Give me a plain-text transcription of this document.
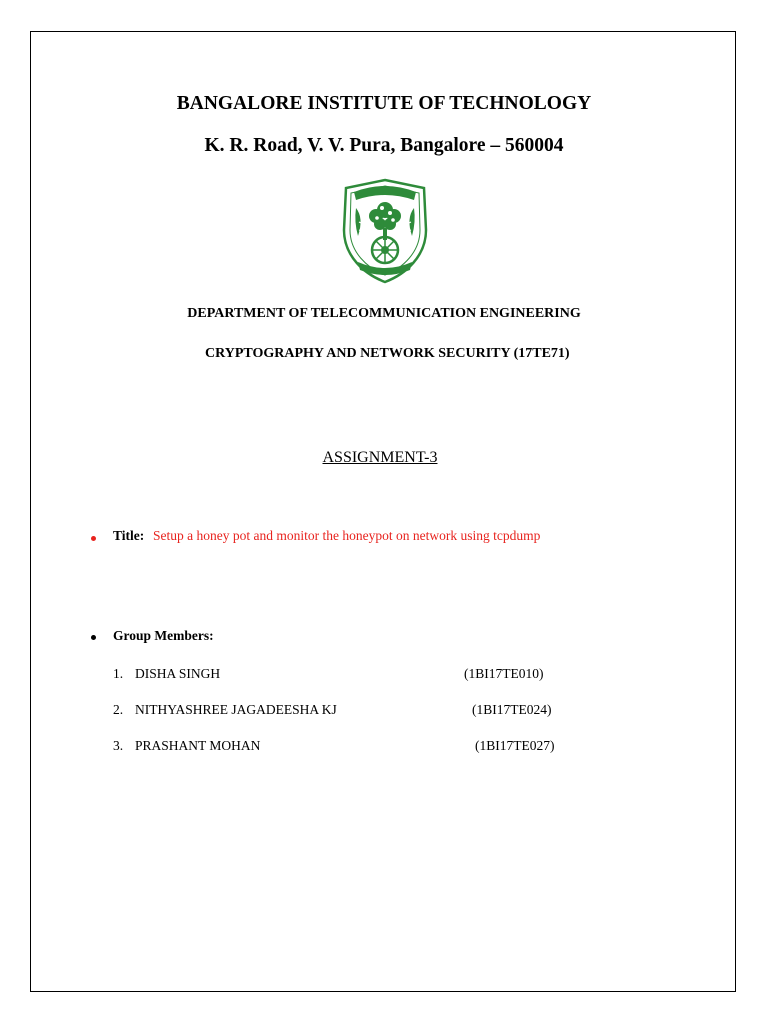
BANGALORE INSTITUTE OF TECHNOLOGY
K. R. Road, V. V. Pura, Bangalore – 560004
DEPARTMENT OF TELECOMMUNICATION ENGINEERING
CRYPTOGRAPHY AND NETWORK SECURITY (17TE71)
ASSIGNMENT-3
Title: Setup a honey pot and monitor the honeypot on network using tcpdump
Group Members:
1. DISHA SINGH	(1BI17TE010)
2. NITHYASHREE JAGADEESHA KJ	(1BI17TE024)
3. PRASHANT MOHAN	(1BI17TE027)
